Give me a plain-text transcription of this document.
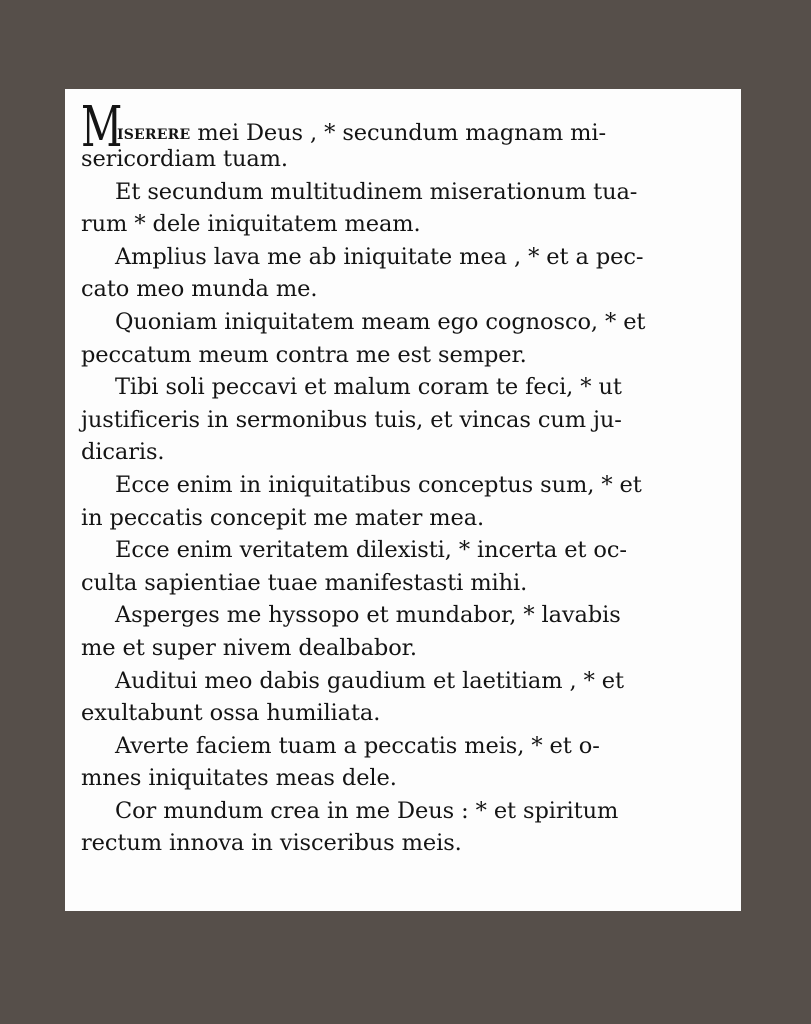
MISERERE mei Deus , * secundum magnam mi-
sericordiam tuam.
Et secundum multitudinem miserationum tua-
rum * dele iniquitatem meam.
Amplius lava me ab iniquitate mea , * et a pec-
cato meo munda me.
Quoniam iniquitatem meam ego cognosco, * et
peccatum meum contra me est semper.
Tibi soli peccavi et malum coram te feci, * ut
justificeris in sermonibus tuis, et vincas cum ju-
dicaris.
Ecce enim in iniquitatibus conceptus sum, * et
in peccatis concepit me mater mea.
Ecce enim veritatem dilexisti, * incerta et oc-
culta sapientiae tuae manifestasti mihi.
Asperges me hyssopo et mundabor, * lavabis
me et super nivem dealbabor.
Auditui meo dabis gaudium et laetitiam , * et
exultabunt ossa humiliata.
Averte faciem tuam a peccatis meis, * et o-
mnes iniquitates meas dele.
Cor mundum crea in me Deus : * et spiritum
rectum innova in visceribus meis.
